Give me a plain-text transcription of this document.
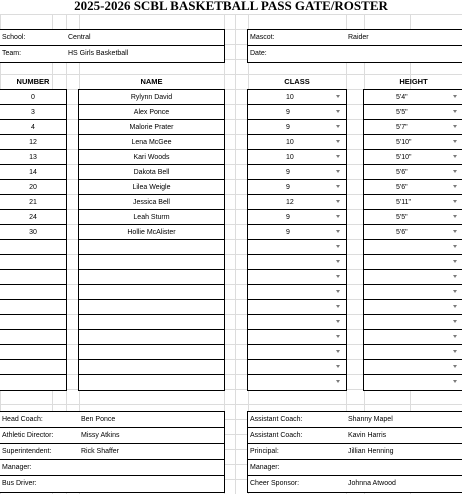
2025-2026 SCBL BASKETBALL PASS GATE/ROSTER
School:	Central
Team:	HS Girls Basketball
Mascot:	Raider
Date:
NUMBER	NAME	CLASS	HEIGHT
0	Rylynn David	10	5'4"
3	Alex Ponce	9	5'5"
4	Malorie Prater	9	5'7"
12	Lena McGee	10	5'10"
13	Kari Woods	10	5'10"
14	Dakota Bell	9	5'6"
20	Lilea Weigle	9	5'6"
21	Jessica Bell	12	5'11"
24	Leah Sturm	9	5'5"
30	Hollie McAlister	9	5'6"
Head Coach:	Ben Ponce
Athletic Director:	Missy Atkins
Superintendent:	Rick Shaffer
Manager:
Bus Driver:
Assistant Coach:	Shanny Mapel
Assistant Coach:	Kavin Harris
Principal:	Jillian Henning
Manager:
Cheer Sponsor:	Johnna Atwood
